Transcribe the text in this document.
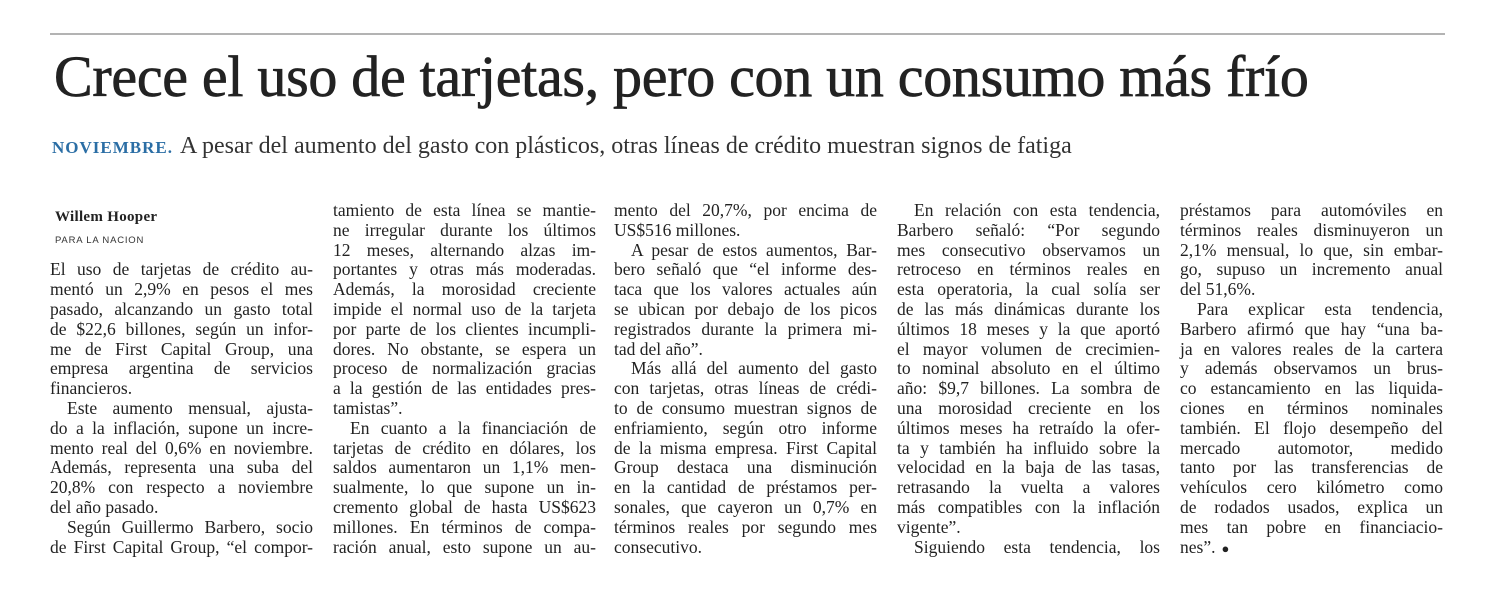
Crece el uso de tarjetas, pero con un consumo más frío
NOVIEMBRE. A pesar del aumento del gasto con plásticos, otras líneas de crédito muestran signos de fatiga
Willem Hooper
PARA LA NACION
El uso de tarjetas de crédito au-
mentó un 2,9% en pesos el mes
pasado, alcanzando un gasto total
de $22,6 billones, según un infor-
me de First Capital Group, una
empresa argentina de servicios
financieros.
Este aumento mensual, ajusta-
do a la inflación, supone un incre-
mento real del 0,6% en noviembre.
Además, representa una suba del
20,8% con respecto a noviembre
del año pasado.
Según Guillermo Barbero, socio
de First Capital Group, “el compor-
tamiento de esta línea se mantie-
ne irregular durante los últimos
12 meses, alternando alzas im-
portantes y otras más moderadas.
Además, la morosidad creciente
impide el normal uso de la tarjeta
por parte de los clientes incumpli-
dores. No obstante, se espera un
proceso de normalización gracias
a la gestión de las entidades pres-
tamistas”.
En cuanto a la financiación de
tarjetas de crédito en dólares, los
saldos aumentaron un 1,1% men-
sualmente, lo que supone un in-
cremento global de hasta US$623
millones. En términos de compa-
ración anual, esto supone un au-
mento del 20,7%, por encima de
US$516 millones.
A pesar de estos aumentos, Bar-
bero señaló que “el informe des-
taca que los valores actuales aún
se ubican por debajo de los picos
registrados durante la primera mi-
tad del año”.
Más allá del aumento del gasto
con tarjetas, otras líneas de crédi-
to de consumo muestran signos de
enfriamiento, según otro informe
de la misma empresa. First Capital
Group destaca una disminución
en la cantidad de préstamos per-
sonales, que cayeron un 0,7% en
términos reales por segundo mes
consecutivo.
En relación con esta tendencia,
Barbero señaló: “Por segundo
mes consecutivo observamos un
retroceso en términos reales en
esta operatoria, la cual solía ser
de las más dinámicas durante los
últimos 18 meses y la que aportó
el mayor volumen de crecimien-
to nominal absoluto en el último
año: $9,7 billones. La sombra de
una morosidad creciente en los
últimos meses ha retraído la ofer-
ta y también ha influido sobre la
velocidad en la baja de las tasas,
retrasando la vuelta a valores
más compatibles con la inflación
vigente”.
Siguiendo esta tendencia, los
préstamos para automóviles en
términos reales disminuyeron un
2,1% mensual, lo que, sin embar-
go, supuso un incremento anual
del 51,6%.
Para explicar esta tendencia,
Barbero afirmó que hay “una ba-
ja en valores reales de la cartera
y además observamos un brus-
co estancamiento en las liquida-
ciones en términos nominales
también. El flojo desempeño del
mercado automotor, medido
tanto por las transferencias de
vehículos cero kilómetro como
de rodados usados, explica un
mes tan pobre en financiacio-
nes”. ●
